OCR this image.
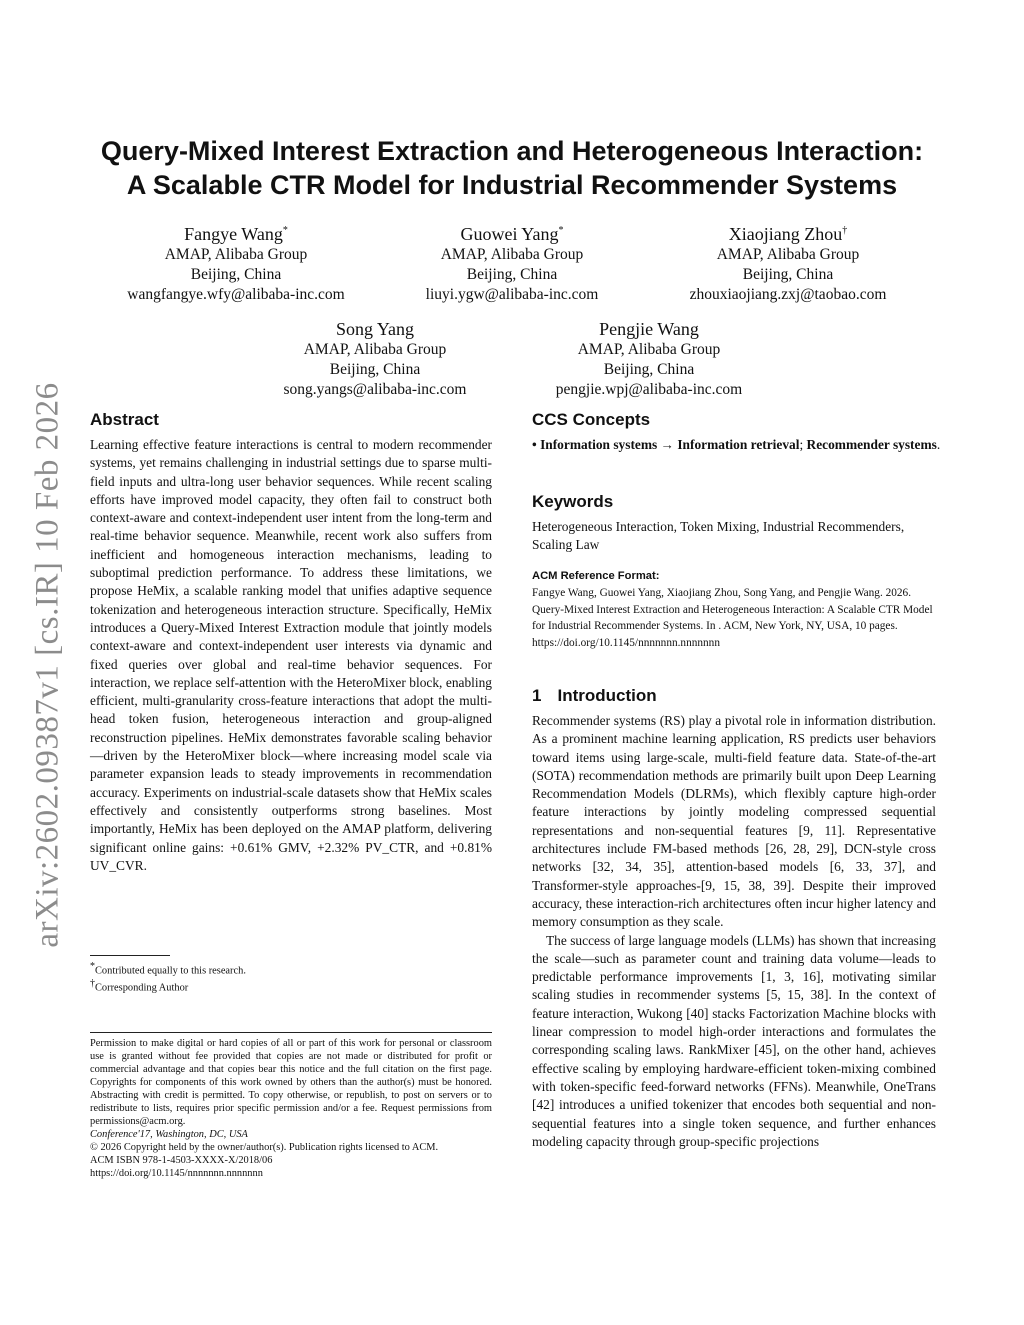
arXiv:2602.09387v1 [cs.IR] 10 Feb 2026
Query-Mixed Interest Extraction and Heterogeneous Interaction:
A Scalable CTR Model for Industrial Recommender Systems
Fangye Wang*
AMAP, Alibaba Group
Beijing, China
wangfangye.wfy@alibaba-inc.com
Guowei Yang*
AMAP, Alibaba Group
Beijing, China
liuyi.ygw@alibaba-inc.com
Xiaojiang Zhou†
AMAP, Alibaba Group
Beijing, China
zhouxiaojiang.zxj@taobao.com
Song Yang
AMAP, Alibaba Group
Beijing, China
song.yangs@alibaba-inc.com
Pengjie Wang
AMAP, Alibaba Group
Beijing, China
pengjie.wpj@alibaba-inc.com
Abstract
Learning effective feature interactions is central to modern recommender systems, yet remains challenging in industrial settings due to sparse multi-field inputs and ultra-long user behavior sequences. While recent scaling efforts have improved model capacity, they often fail to construct both context-aware and context-independent user intent from the long-term and real-time behavior sequence. Meanwhile, recent work also suffers from inefficient and homogeneous interaction mechanisms, leading to suboptimal prediction performance. To address these limitations, we propose HeMix, a scalable ranking model that unifies adaptive sequence tokenization and heterogeneous interaction structure. Specifically, HeMix introduces a Query-Mixed Interest Extraction module that jointly models context-aware and context-independent user interests via dynamic and fixed queries over global and real-time behavior sequences. For interaction, we replace self-attention with the HeteroMixer block, enabling efficient, multi-granularity cross-feature interactions that adopt the multi-head token fusion, heterogeneous interaction and group-aligned reconstruction pipelines. HeMix demonstrates favorable scaling behavior—driven by the HeteroMixer block—where increasing model scale via parameter expansion leads to steady improvements in recommendation accuracy. Experiments on industrial-scale datasets show that HeMix scales effectively and consistently outperforms strong baselines. Most importantly, HeMix has been deployed on the AMAP platform, delivering significant online gains: +0.61% GMV, +2.32% PV_CTR, and +0.81% UV_CVR.
*Contributed equally to this research.
†Corresponding Author
Permission to make digital or hard copies of all or part of this work for personal or classroom use is granted without fee provided that copies are not made or distributed for profit or commercial advantage and that copies bear this notice and the full citation on the first page. Copyrights for components of this work owned by others than the author(s) must be honored. Abstracting with credit is permitted. To copy otherwise, or republish, to post on servers or to redistribute to lists, requires prior specific permission and/or a fee. Request permissions from permissions@acm.org.
Conference'17, Washington, DC, USA
© 2026 Copyright held by the owner/author(s). Publication rights licensed to ACM.
ACM ISBN 978-1-4503-XXXX-X/2018/06
https://doi.org/10.1145/nnnnnnn.nnnnnnn
CCS Concepts
• Information systems → Information retrieval; Recommender systems.
Keywords
Heterogeneous Interaction, Token Mixing, Industrial Recommenders, Scaling Law
ACM Reference Format:
Fangye Wang, Guowei Yang, Xiaojiang Zhou, Song Yang, and Pengjie Wang. 2026. Query-Mixed Interest Extraction and Heterogeneous Interaction: A Scalable CTR Model for Industrial Recommender Systems. In . ACM, New York, NY, USA, 10 pages. https://doi.org/10.1145/nnnnnnn.nnnnnnn
1 Introduction
Recommender systems (RS) play a pivotal role in information distribution. As a prominent machine learning application, RS predicts user behaviors toward items using large-scale, multi-field feature data. State-of-the-art (SOTA) recommendation methods are primarily built upon Deep Learning Recommendation Models (DLRMs), which flexibly capture high-order feature interactions by jointly modeling compressed sequential representations and non-sequential features [9, 11]. Representative architectures include FM-based methods [26, 28, 29], DCN-style cross networks [32, 34, 35], attention-based models [6, 33, 37], and Transformer-style approaches-[9, 15, 38, 39]. Despite their improved accuracy, these interaction-rich architectures often incur higher latency and memory consumption as they scale.
The success of large language models (LLMs) has shown that increasing the scale—such as parameter count and training data volume—leads to predictable performance improvements [1, 3, 16], motivating similar scaling studies in recommender systems [5, 15, 38]. In the context of feature interaction, Wukong [40] stacks Factorization Machine blocks with linear compression to model high-order interactions and formulates the corresponding scaling laws. RankMixer [45], on the other hand, achieves effective scaling by employing hardware-efficient token-mixing combined with token-specific feed-forward networks (FFNs). Meanwhile, OneTrans [42] introduces a unified tokenizer that encodes both sequential and non-sequential features into a single token sequence, and further enhances modeling capacity through group-specific projections
